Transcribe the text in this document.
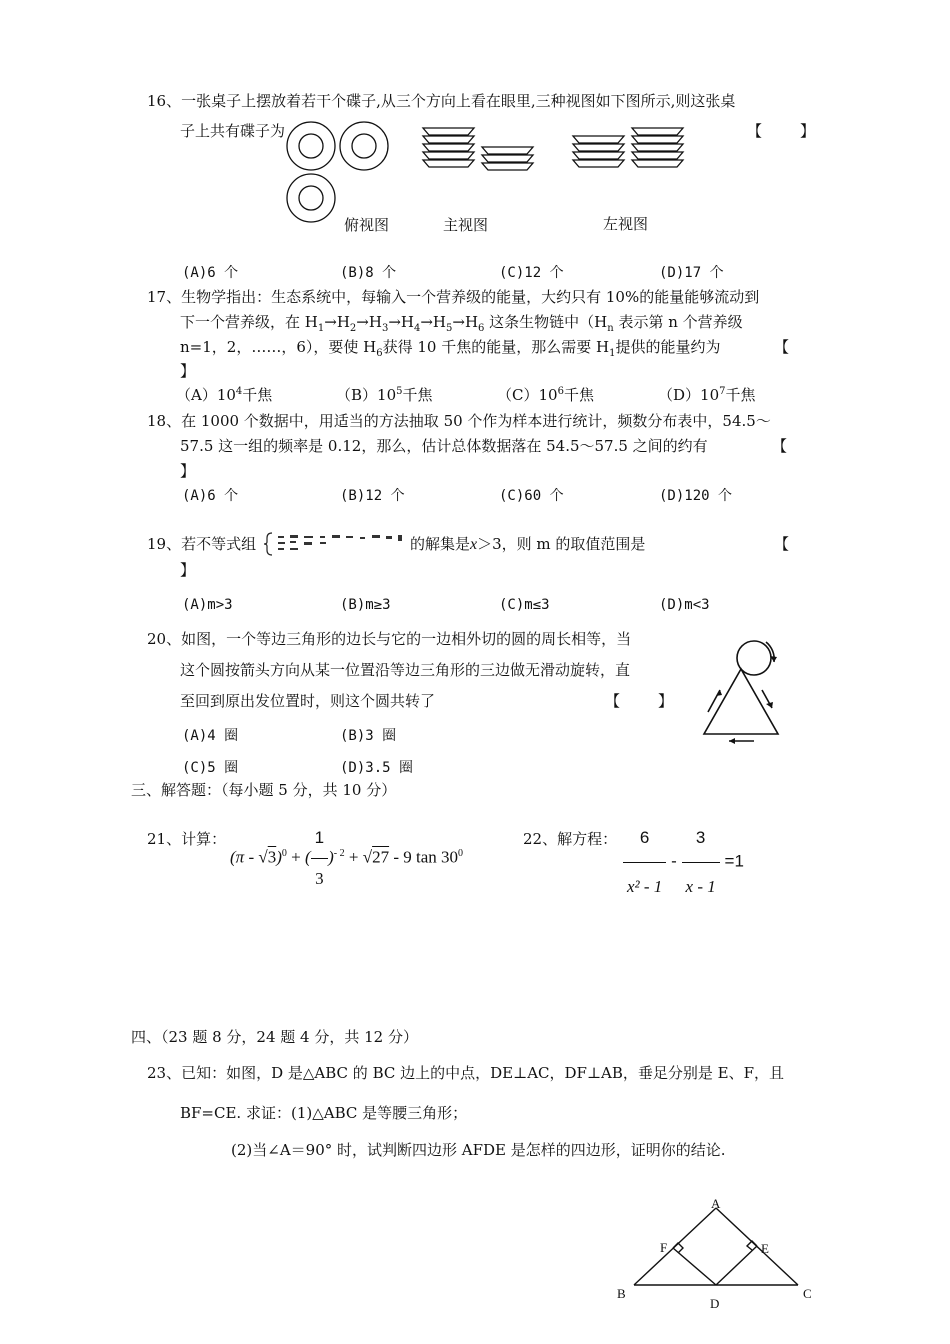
16、一张桌子上摆放着若干个碟子,从三个方向上看在眼里,三种视图如下图所示,则这张桌
子上共有碟子为	【	】
俯视图	主视图	左视图
(A)6 个	(B)8 个	(C)12 个	(D)17 个
17、生物学指出：生态系统中，每输入一个营养级的能量，大约只有 10%的能量能够流动到
下一个营养级，在 $H_1\to H_2\to H_3\to H_4\to H_5\to H_6$ 这条生物链中（$H_n$ 表示第 n 个营养级
n=1，2，……，6），要使 $H_6$获得 10 千焦的能量，那么需要 $H_1$提供的能量约为	【
】
$(A)10^4$千焦	$(B)10^5$千焦	$(C)10^6$千焦	$(D)10^7$千焦
18、在 1000 个数据中，用适当的方法抽取 50 个作为样本进行统计，频数分布表中，54.5～
57.5 这一组的频率是 0.12，那么，估计总体数据落在 54.5～57.5 之间的约有	【
】
(A)6 个	(B)12 个	(C)60 个	(D)120 个
19、若不等式组	的解集是x＞3，则 m 的取值范围是	【
】
(A)m>3	(B)m≥3	(C)m≤3	(D)m<3
20、如图，一个等边三角形的边长与它的一边相外切的圆的周长相等，当
这个圆按箭头方向从某一位置沿等边三角形的三边做无滑动旋转，直
至回到原出发位置时，则这个圆共转了	【	】
(A)4 圈	(B)3 圈
(C)5 圈	(D)3.5 圈
三、解答题：（每小题 5 分，共 10 分）
21、计算：
(π - √3)$^0$ + ( $\frac{1}{3} )^{- 2} + √27 - 9$ $\tan 30^0$
22、解方程： $\frac{6}{\text{x² - 1}} - \frac{3}{x - 1} =1$
四、（23 题 8 分，24 题 4 分，共 12 分）
23、已知：如图，D 是△ABC 的 BC 边上的中点，DE⊥AC，DF⊥AB，垂足分别是 E、F，且
BF=CE. 求证：(1)△ABC 是等腰三角形；
(2)当∠A＝90° 时，试判断四边形 AFDE 是怎样的四边形，证明你的结论.
A
B	C
D
E
F
